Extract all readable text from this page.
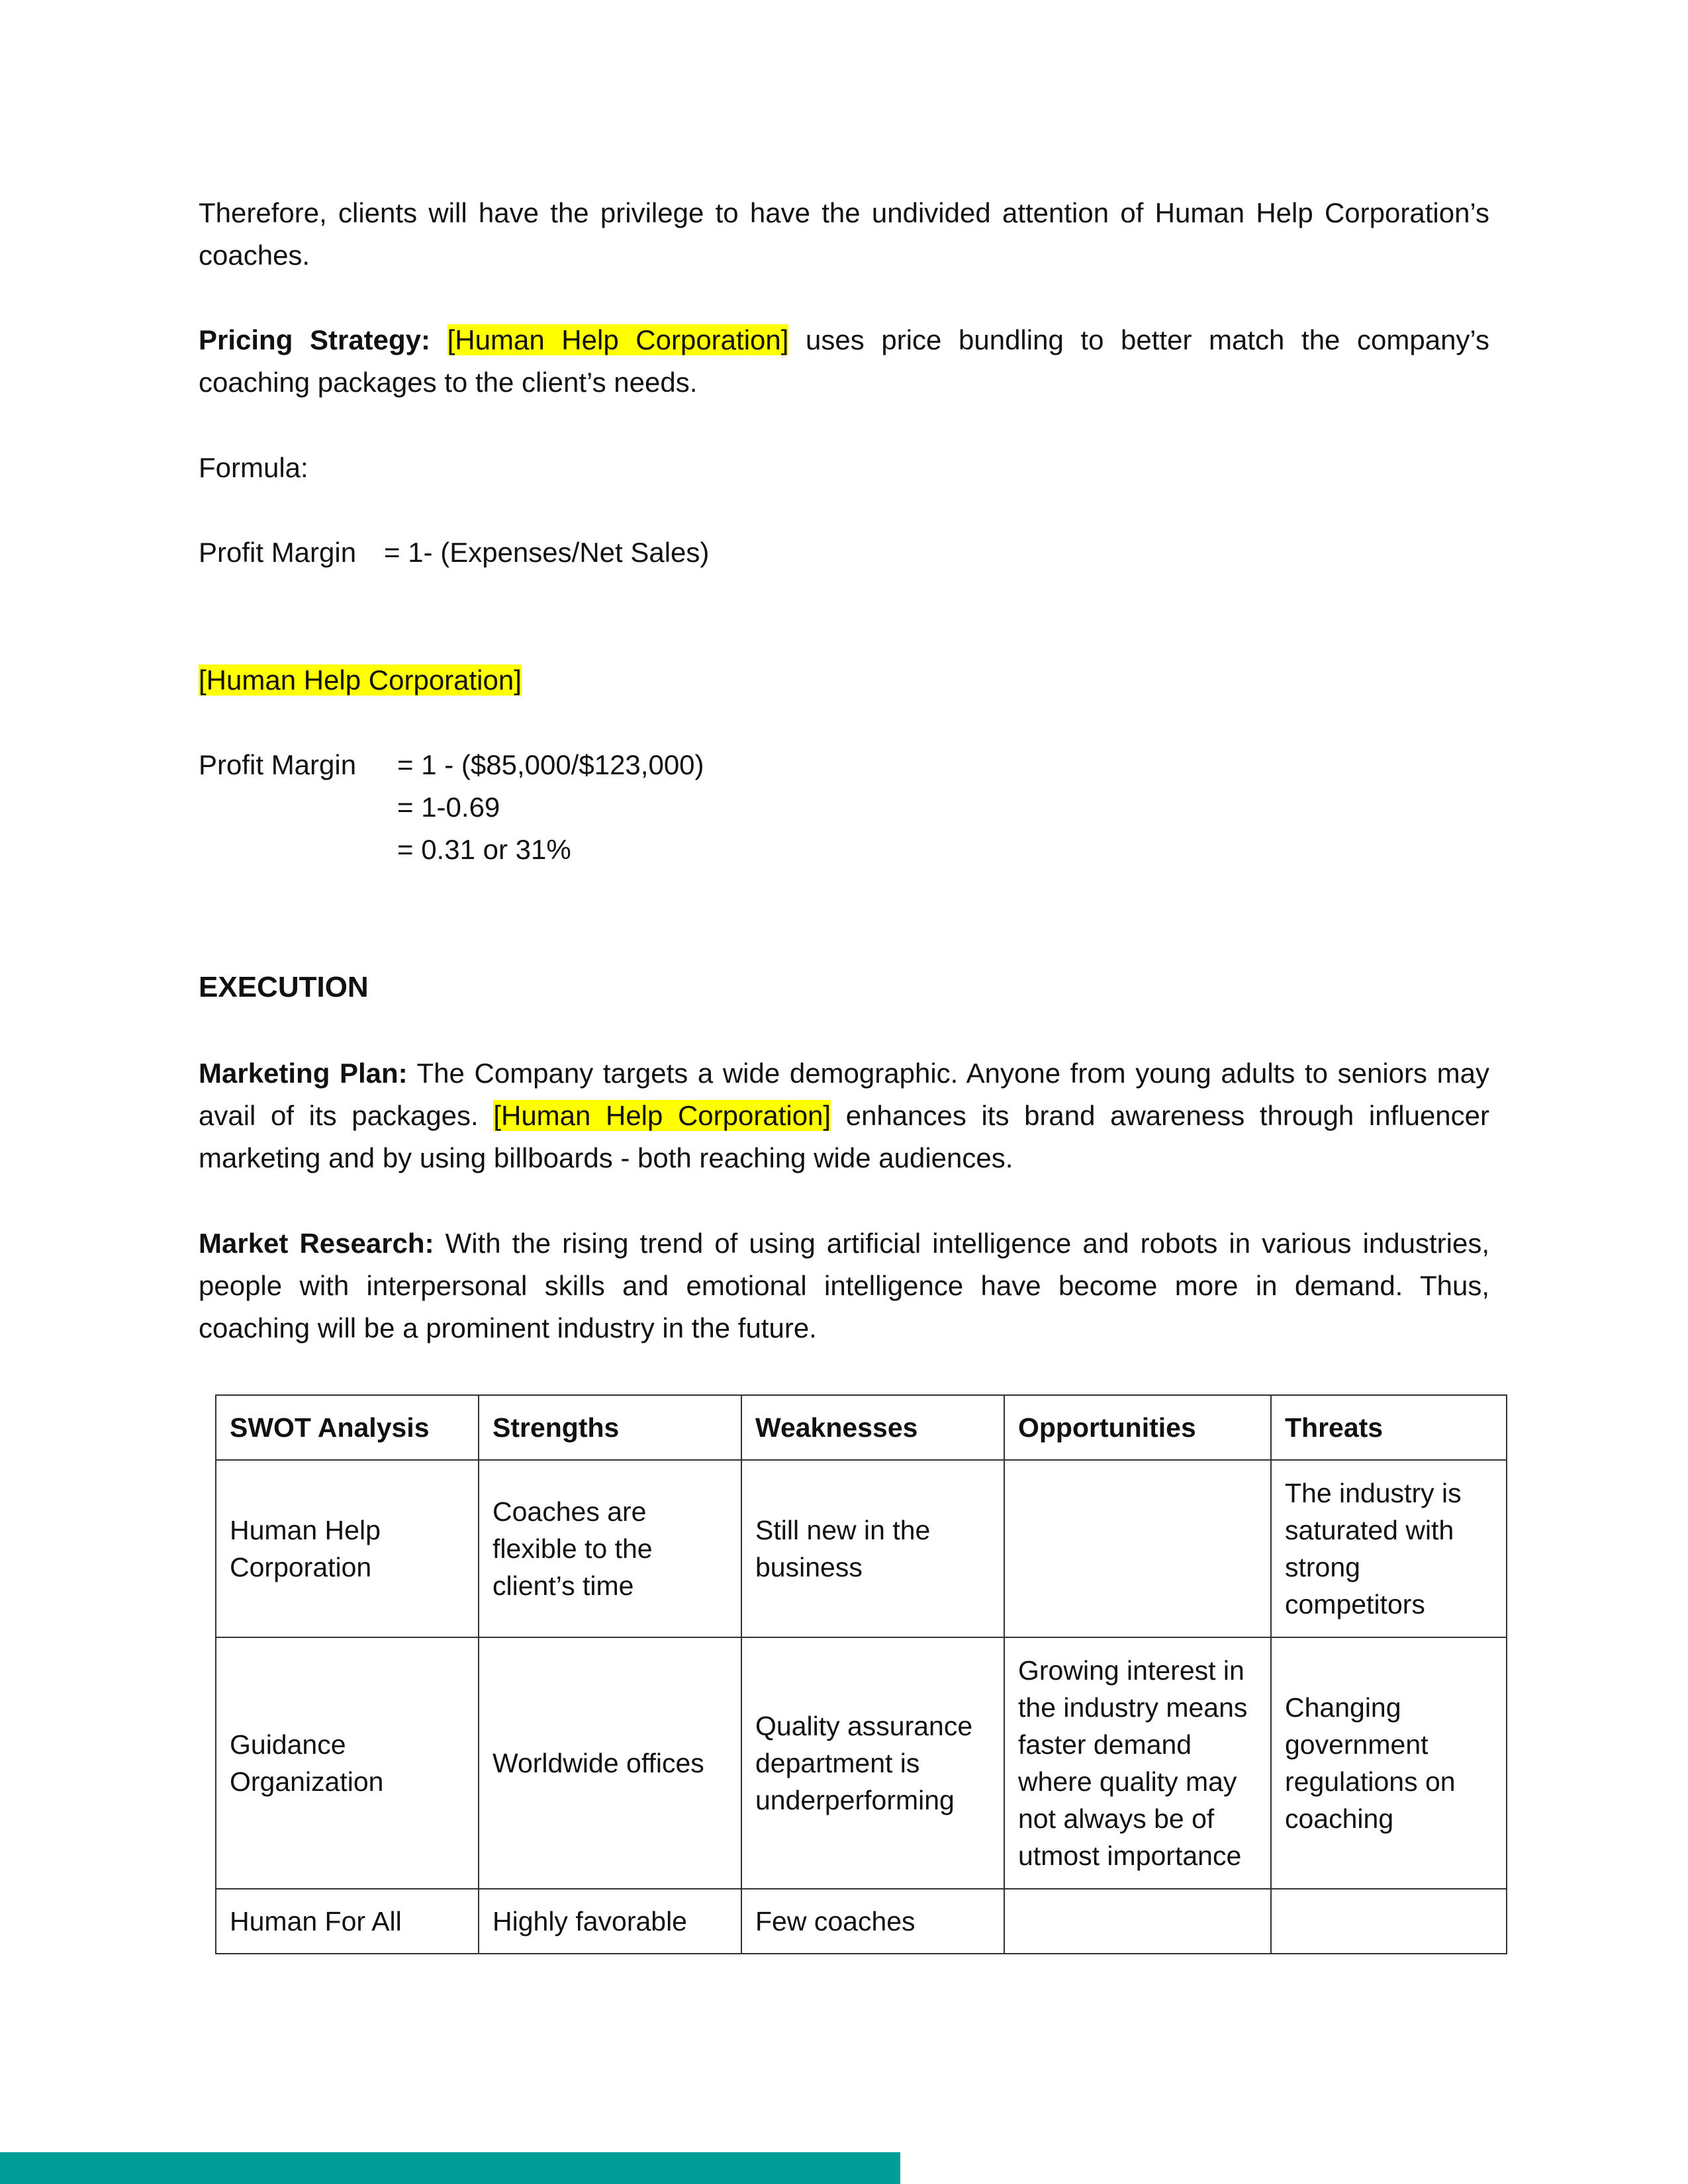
Therefore, clients will have the privilege to have the undivided attention of Human Help Corporation’s coaches.

Pricing Strategy: [Human Help Corporation] uses price bundling to better match the company’s coaching packages to the client’s needs.

Formula:
Profit Margin = 1- (Expenses/Net Sales)
[Human Help Corporation]
Profit Margin = 1 - ($85,000/$123,000)
= 1-0.69
= 0.31 or 31%
EXECUTION

Marketing Plan: The Company targets a wide demographic. Anyone from young adults to seniors may avail of its packages. [Human Help Corporation] enhances its brand awareness through influencer marketing and by using billboards - both reaching wide audiences.

Market Research: With the rising trend of using artificial intelligence and robots in various industries, people with interpersonal skills and emotional intelligence have become more in demand. Thus, coaching will be a prominent industry in the future.

SWOT Analysis	Strengths	Weaknesses	Opportunities	Threats
Human Help Corporation	Coaches are flexible to the client’s time	Still new in the business		The industry is saturated with strong competitors
Guidance Organization	Worldwide offices	Quality assurance department is underperforming	Growing interest in the industry means faster demand where quality may not always be of utmost importance	Changing government regulations on coaching
Human For All	Highly favorable	Few coaches		
